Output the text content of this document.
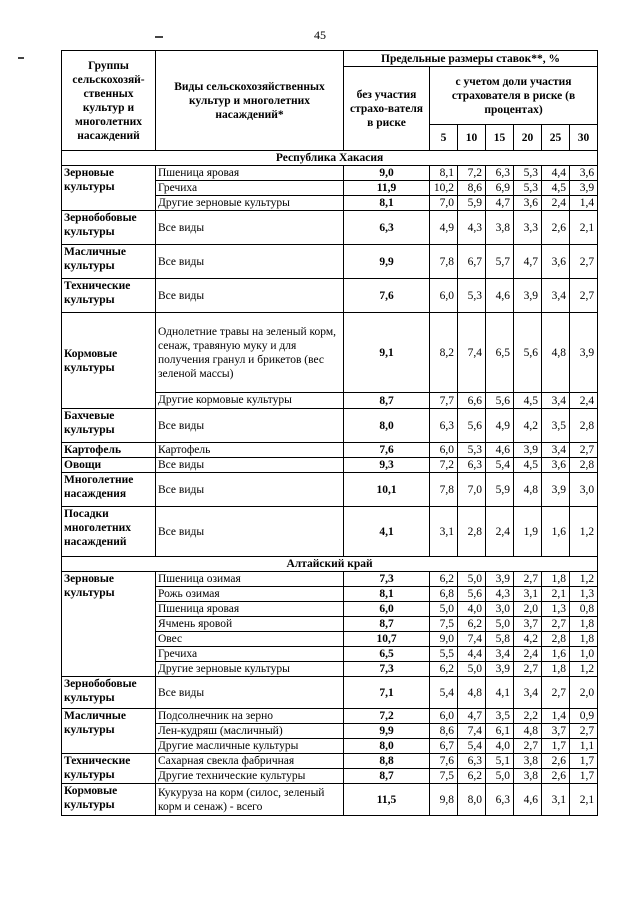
45
Группы сельскохозяй-ственных культур и многолетних насаждений	Виды сельскохозяйственных культур и многолетних насаждений*	Предельные размеры ставок**, %						
		без участия страхо-вателя в риске	с учетом доли участия страхователя в риске (в процентах)					
			5	10	15	20	25	30
Республика Хакасия								
Зерновые культуры	Пшеница яровая	9,0	8,1	7,2	6,3	5,3	4,4	3,6
	Гречиха	11,9	10,2	8,6	6,9	5,3	4,5	3,9
	Другие зерновые культуры	8,1	7,0	5,9	4,7	3,6	2,4	1,4
Зернобобовые культуры	Все виды	6,3	4,9	4,3	3,8	3,3	2,6	2,1
Масличные культуры	Все виды	9,9	7,8	6,7	5,7	4,7	3,6	2,7
Технические культуры	Все виды	7,6	6,0	5,3	4,6	3,9	3,4	2,7
Кормовые культуры	Однолетние травы на зеленый корм, сенаж, травяную муку и для получения гранул и брикетов (вес зеленой массы)	9,1	8,2	7,4	6,5	5,6	4,8	3,9
	Другие кормовые культуры	8,7	7,7	6,6	5,6	4,5	3,4	2,4
Бахчевые культуры	Все виды	8,0	6,3	5,6	4,9	4,2	3,5	2,8
Картофель	Картофель	7,6	6,0	5,3	4,6	3,9	3,4	2,7
Овощи	Все виды	9,3	7,2	6,3	5,4	4,5	3,6	2,8
Многолетние насаждения	Все виды	10,1	7,8	7,0	5,9	4,8	3,9	3,0
Посадки многолетних насаждений	Все виды	4,1	3,1	2,8	2,4	1,9	1,6	1,2
Алтайский край								
Зерновые культуры	Пшеница озимая	7,3	6,2	5,0	3,9	2,7	1,8	1,2
	Рожь озимая	8,1	6,8	5,6	4,3	3,1	2,1	1,3
	Пшеница яровая	6,0	5,0	4,0	3,0	2,0	1,3	0,8
	Ячмень яровой	8,7	7,5	6,2	5,0	3,7	2,7	1,8
	Овес	10,7	9,0	7,4	5,8	4,2	2,8	1,8
	Гречиха	6,5	5,5	4,4	3,4	2,4	1,6	1,0
	Другие зерновые культуры	7,3	6,2	5,0	3,9	2,7	1,8	1,2
Зернобобовые культуры	Все виды	7,1	5,4	4,8	4,1	3,4	2,7	2,0
Масличные культуры	Подсолнечник на зерно	7,2	6,0	4,7	3,5	2,2	1,4	0,9
	Лен-кудряш (масличный)	9,9	8,6	7,4	6,1	4,8	3,7	2,7
	Другие масличные культуры	8,0	6,7	5,4	4,0	2,7	1,7	1,1
Технические культуры	Сахарная свекла фабричная	8,8	7,6	6,3	5,1	3,8	2,6	1,7
	Другие технические культуры	8,7	7,5	6,2	5,0	3,8	2,6	1,7
Кормовые культуры	Кукуруза на корм (силос, зеленый корм и сенаж) - всего	11,5	9,8	8,0	6,3	4,6	3,1	2,1
